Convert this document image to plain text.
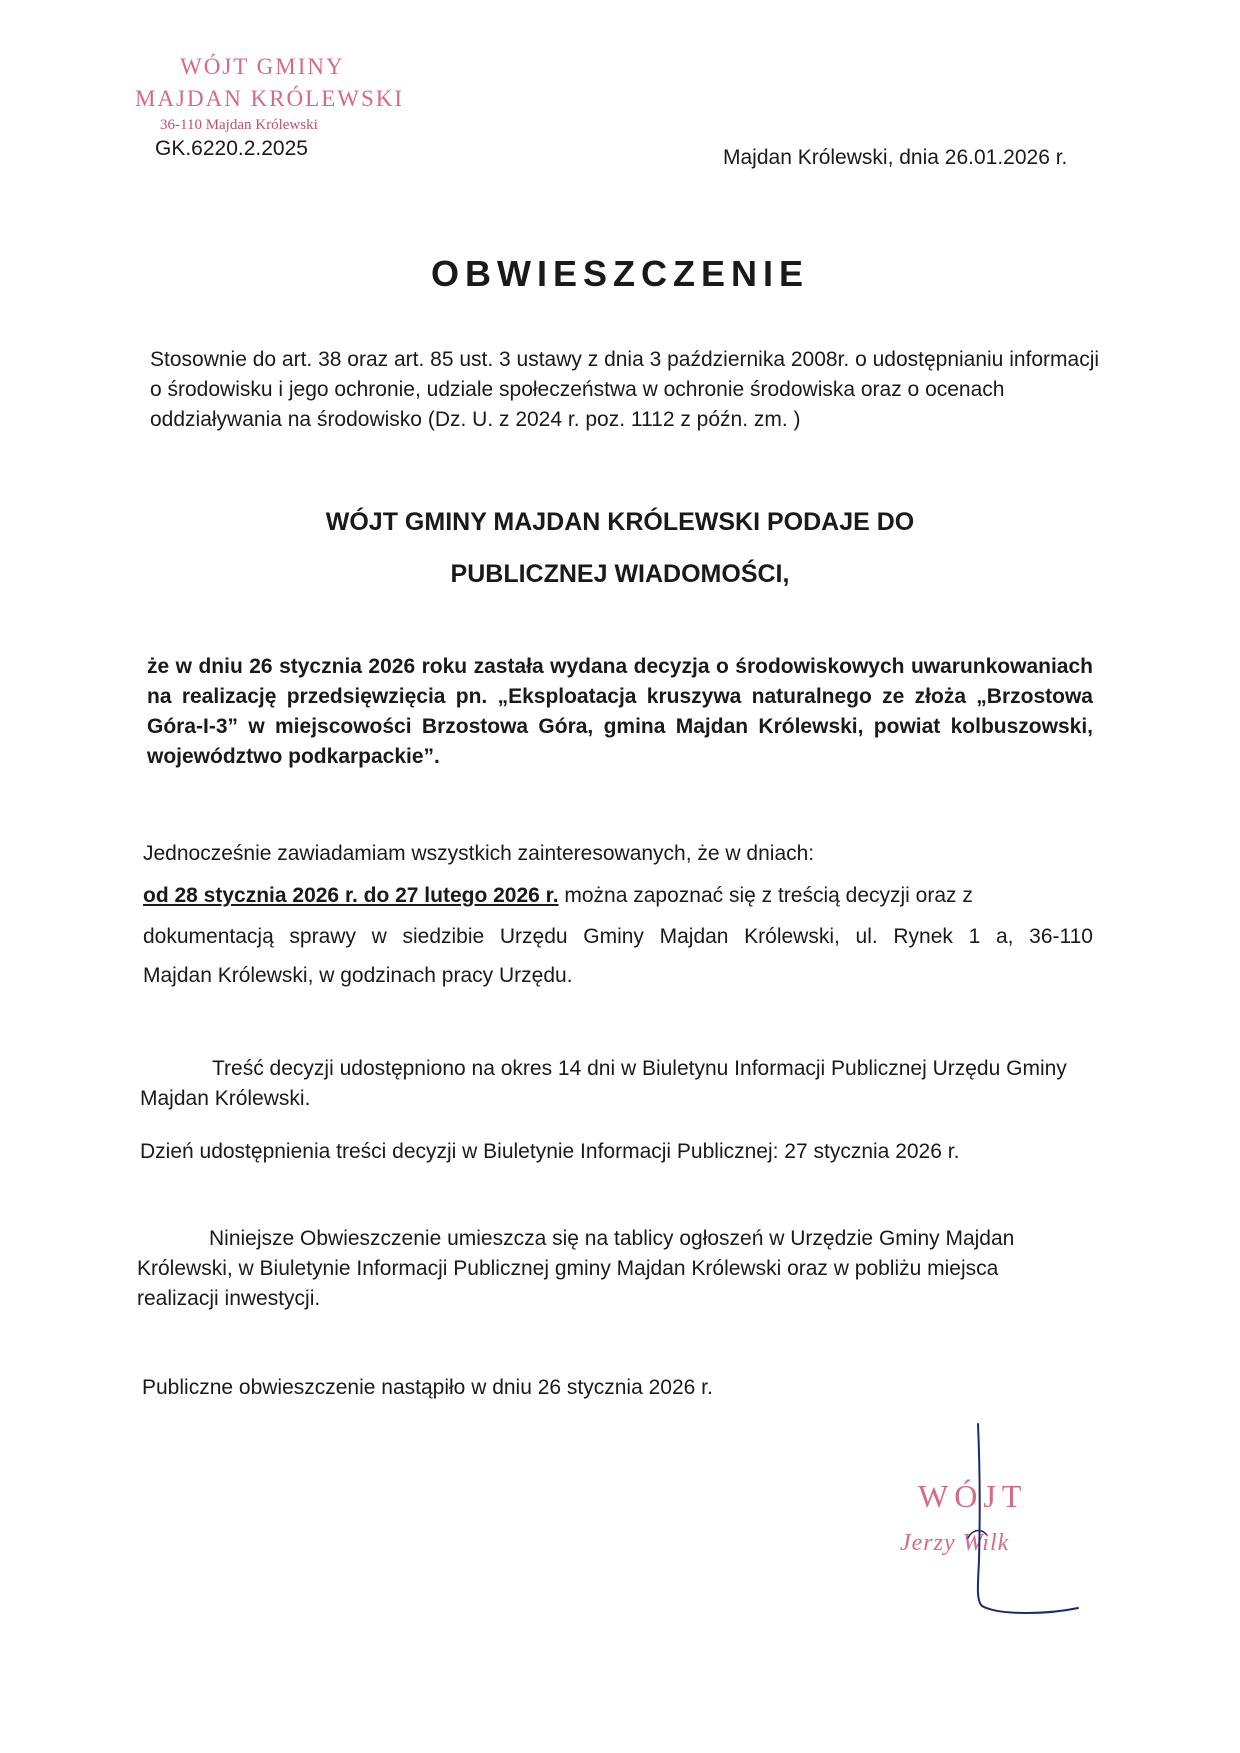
WÓJT GMINY
MAJDAN KRÓLEWSKI
36-110 Majdan Królewski
GK.6220.2.2025	Majdan Królewski, dnia 26.01.2026 r.
OBWIESZCZENIE
Stosownie do art. 38 oraz art. 85 ust. 3 ustawy z dnia 3 października 2008r. o udostępnianiu informacji o środowisku i jego ochronie, udziale społeczeństwa w ochronie środowiska oraz o ocenach oddziaływania na środowisko (Dz. U. z 2024 r. poz. 1112 z późn. zm. )
WÓJT GMINY MAJDAN KRÓLEWSKI PODAJE DO
PUBLICZNEJ WIADOMOŚCI,
że w dniu 26 stycznia 2026 roku zastała wydana decyzja o środowiskowych uwarunkowaniach na realizację przedsięwzięcia pn. „Eksploatacja kruszywa naturalnego ze złoża „Brzostowa Góra-I-3” w miejscowości Brzostowa Góra, gmina Majdan Królewski, powiat kolbuszowski, województwo podkarpackie”.
Jednocześnie zawiadamiam wszystkich zainteresowanych, że w dniach:
od 28 stycznia 2026 r. do 27 lutego 2026 r. można zapoznać się z treścią decyzji oraz z
dokumentacją sprawy w siedzibie Urzędu Gminy Majdan Królewski, ul. Rynek 1 a, 36-110
Majdan Królewski, w godzinach pracy Urzędu.
Treść decyzji udostępniono na okres 14 dni w Biuletynu Informacji Publicznej Urzędu Gminy Majdan Królewski.
Dzień udostępnienia treści decyzji w Biuletynie Informacji Publicznej: 27 stycznia 2026 r.
Niniejsze Obwieszczenie umieszcza się na tablicy ogłoszeń w Urzędzie Gminy Majdan Królewski, w Biuletynie Informacji Publicznej gminy Majdan Królewski oraz w pobliżu miejsca realizacji inwestycji.
Publiczne obwieszczenie nastąpiło w dniu 26 stycznia 2026 r.
WÓJT
Jerzy Wilk
